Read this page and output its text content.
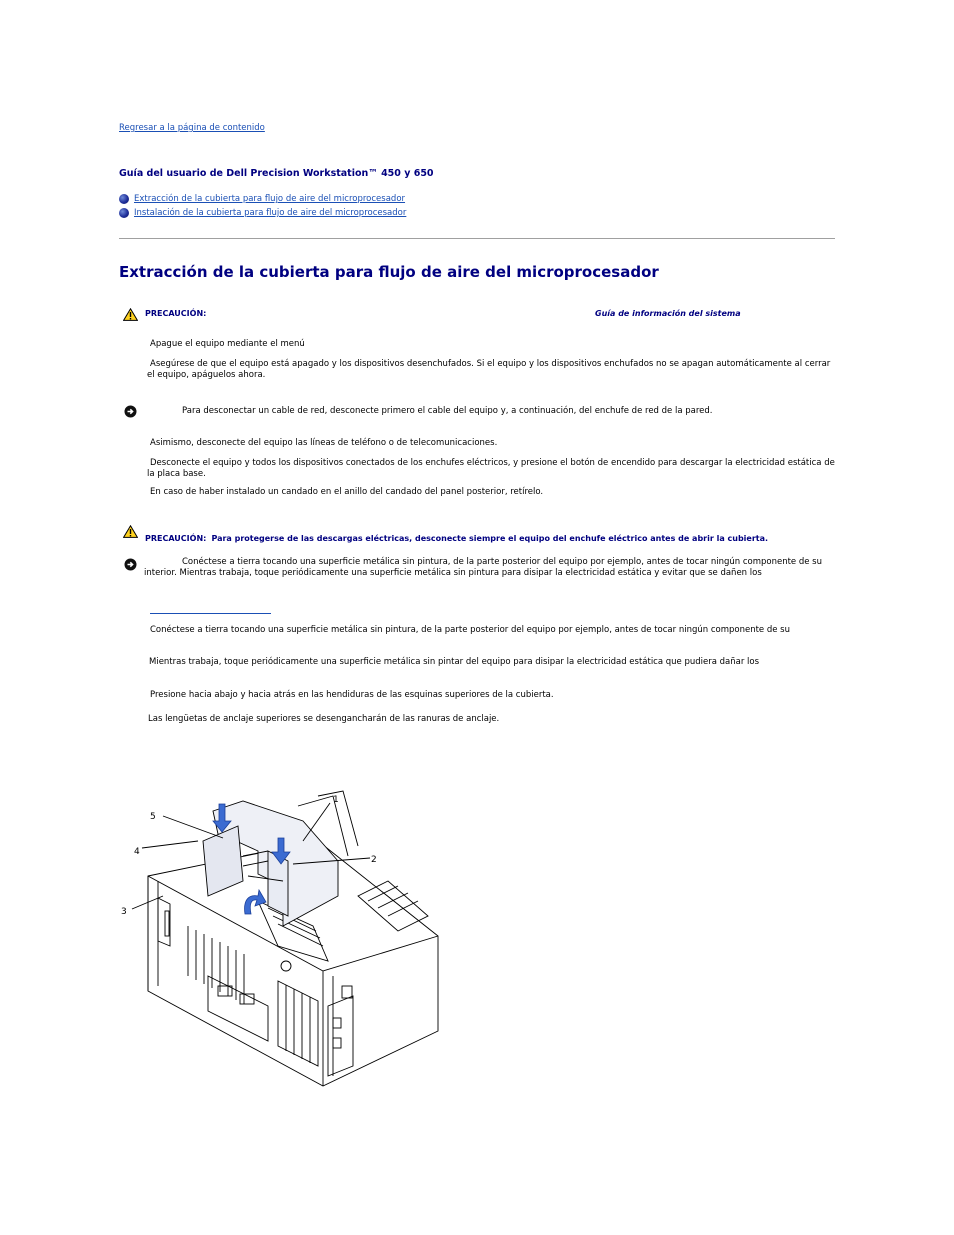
Regresar a la página de contenido
Guía del usuario de Dell Precision Workstation™ 450 y 650
Extracción de la cubierta para flujo de aire del microprocesador
Instalación de la cubierta para flujo de aire del microprocesador
Extracción de la cubierta para flujo de aire del microprocesador
PRECAUCIÓN:	Guía de información del sistema
Apague el equipo mediante el menú
Asegúrese de que el equipo está apagado y los dispositivos desenchufados. Si el equipo y los dispositivos enchufados no se apagan automáticamente al cerrar el equipo, apáguelos ahora.
Para desconectar un cable de red, desconecte primero el cable del equipo y, a continuación, del enchufe de red de la pared.
Asimismo, desconecte del equipo las líneas de teléfono o de telecomunicaciones.
Desconecte el equipo y todos los dispositivos conectados de los enchufes eléctricos, y presione el botón de encendido para descargar la electricidad estática de la placa base.
En caso de haber instalado un candado en el anillo del candado del panel posterior, retírelo.
PRECAUCIÓN: Para protegerse de las descargas eléctricas, desconecte siempre el equipo del enchufe eléctrico antes de abrir la cubierta.
Conéctese a tierra tocando una superficie metálica sin pintura, de la parte posterior del equipo por ejemplo, antes de tocar ningún componente de su interior. Mientras trabaja, toque periódicamente una superficie metálica sin pintura para disipar la electricidad estática y evitar que se dañen los
Conéctese a tierra tocando una superficie metálica sin pintura, de la parte posterior del equipo por ejemplo, antes de tocar ningún componente de su
Mientras trabaja, toque periódicamente una superficie metálica sin pintar del equipo para disipar la electricidad estática que pudiera dañar los
Presione hacia abajo y hacia atrás en las hendiduras de las esquinas superiores de la cubierta.
Las lengüetas de anclaje superiores se desengancharán de las ranuras de anclaje.
1
2
3
4
5
